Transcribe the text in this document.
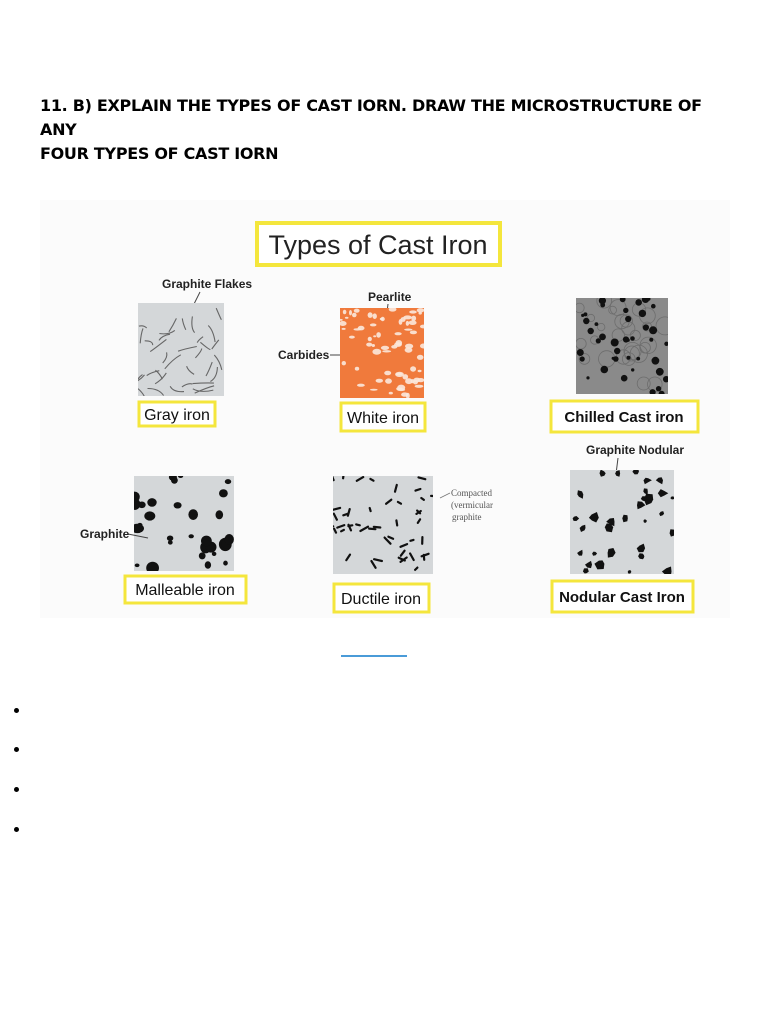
11. B) EXPLAIN THE TYPES OF CAST IORN. DRAW THE MICROSTRUCTURE OF ANY
FOUR TYPES OF CAST IORN

Types of Cast Iron
Graphite Flakes
Gray iron
Pearlite
Carbides
White iron	Chilled Cast iron
Graphite
Malleable iron
Compacted
(vermicular
graphite
Ductile iron
Graphite Nodular
Nodular Cast Iron
